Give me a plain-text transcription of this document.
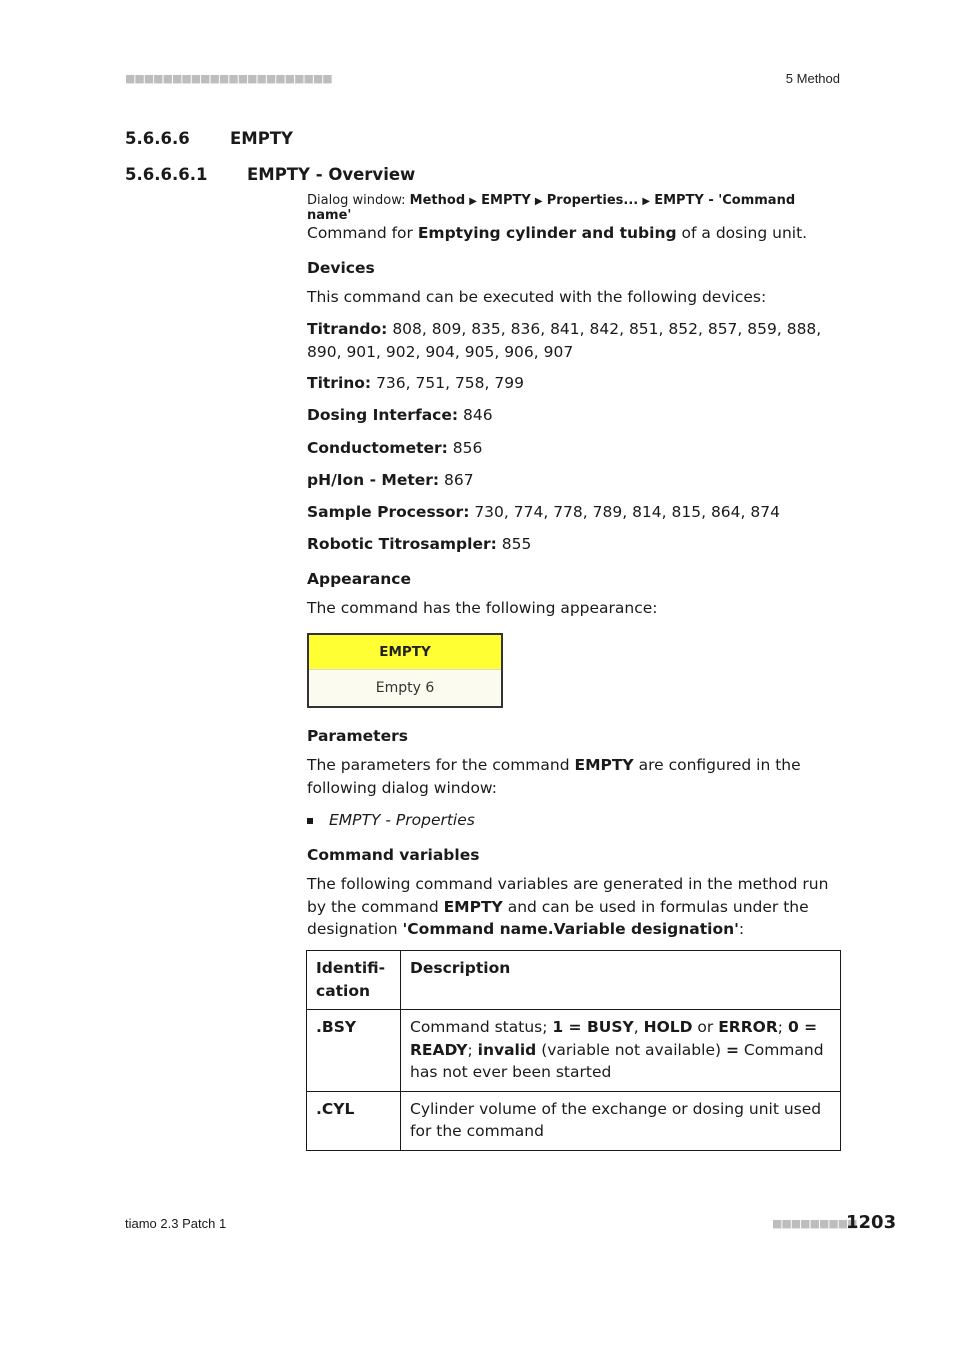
■■■■■■■■■■■■■■■■■■■■■■	5 Method
5.6.6.6 EMPTY
5.6.6.6.1 EMPTY - Overview
Dialog window: Method ▶ EMPTY ▶ Properties... ▶ EMPTY - 'Command name'
Command for Emptying cylinder and tubing of a dosing unit.
Devices
This command can be executed with the following devices:
Titrando: 808, 809, 835, 836, 841, 842, 851, 852, 857, 859, 888, 890, 901, 902, 904, 905, 906, 907
Titrino: 736, 751, 758, 799
Dosing Interface: 846
Conductometer: 856
pH/Ion - Meter: 867
Sample Processor: 730, 774, 778, 789, 814, 815, 864, 874
Robotic Titrosampler: 855
Appearance
The command has the following appearance:
EMPTY
Empty 6
Parameters
The parameters for the command EMPTY are configured in the following dialog window:
EMPTY - Properties
Command variables
The following command variables are generated in the method run by the command EMPTY and can be used in formulas under the designation 'Command name.Variable designation':
Identifi-
cation	Description
.BSY	Command status; 1 = BUSY, HOLD or ERROR; 0 = READY; invalid (variable not available) = Command has not ever been started
.CYL	Cylinder volume of the exchange or dosing unit used for the command
tiamo 2.3 Patch 1	■■■■■■■■■
1203
